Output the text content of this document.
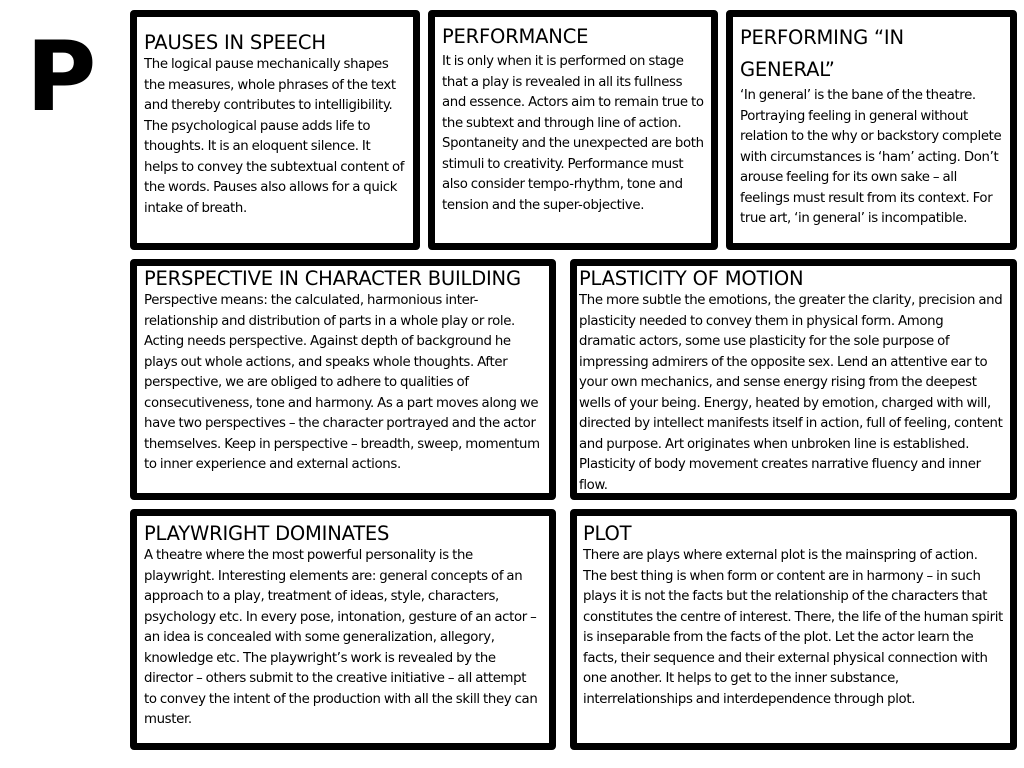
P PAUSES IN SPEECH
The logical pause mechanically shapes the measures, whole phrases of the text and thereby contributes to intelligibility. The psychological pause adds life to thoughts. It is an eloquent silence. It helps to convey the subtextual content of the words. Pauses also allows for a quick intake of breath.
PERFORMANCE
It is only when it is performed on stage that a play is revealed in all its fullness and essence. Actors aim to remain true to the subtext and through line of action. Spontaneity and the unexpected are both stimuli to creativity. Performance must also consider tempo-rhythm, tone and tension and the super-objective.
PERFORMING “IN GENERAL”
‘In general’ is the bane of the theatre. Portraying feeling in general without relation to the why or backstory complete with circumstances is ‘ham’ acting. Don’t arouse feeling for its own sake – all feelings must result from its context. For true art, ‘in general’ is incompatible.
PERSPECTIVE IN CHARACTER BUILDING
Perspective means: the calculated, harmonious inter-relationship and distribution of parts in a whole play or role. Acting needs perspective. Against depth of background he plays out whole actions, and speaks whole thoughts. After perspective, we are obliged to adhere to qualities of consecutiveness, tone and harmony. As a part moves along we have two perspectives – the character portrayed and the actor themselves. Keep in perspective – breadth, sweep, momentum to inner experience and external actions.
PLASTICITY OF MOTION
The more subtle the emotions, the greater the clarity, precision and plasticity needed to convey them in physical form. Among dramatic actors, some use plasticity for the sole purpose of impressing admirers of the opposite sex. Lend an attentive ear to your own mechanics, and sense energy rising from the deepest wells of your being. Energy, heated by emotion, charged with will, directed by intellect manifests itself in action, full of feeling, content and purpose. Art originates when unbroken line is established. Plasticity of body movement creates narrative fluency and inner flow.
PLAYWRIGHT DOMINATES
A theatre where the most powerful personality is the playwright. Interesting elements are: general concepts of an approach to a play, treatment of ideas, style, characters, psychology etc. In every pose, intonation, gesture of an actor – an idea is concealed with some generalization, allegory, knowledge etc. The playwright’s work is revealed by the director – others submit to the creative initiative – all attempt to convey the intent of the production with all the skill they can muster.
PLOT
There are plays where external plot is the mainspring of action. The best thing is when form or content are in harmony – in such plays it is not the facts but the relationship of the characters that constitutes the centre of interest. There, the life of the human spirit is inseparable from the facts of the plot. Let the actor learn the facts, their sequence and their external physical connection with one another. It helps to get to the inner substance, interrelationships and interdependence through plot.
